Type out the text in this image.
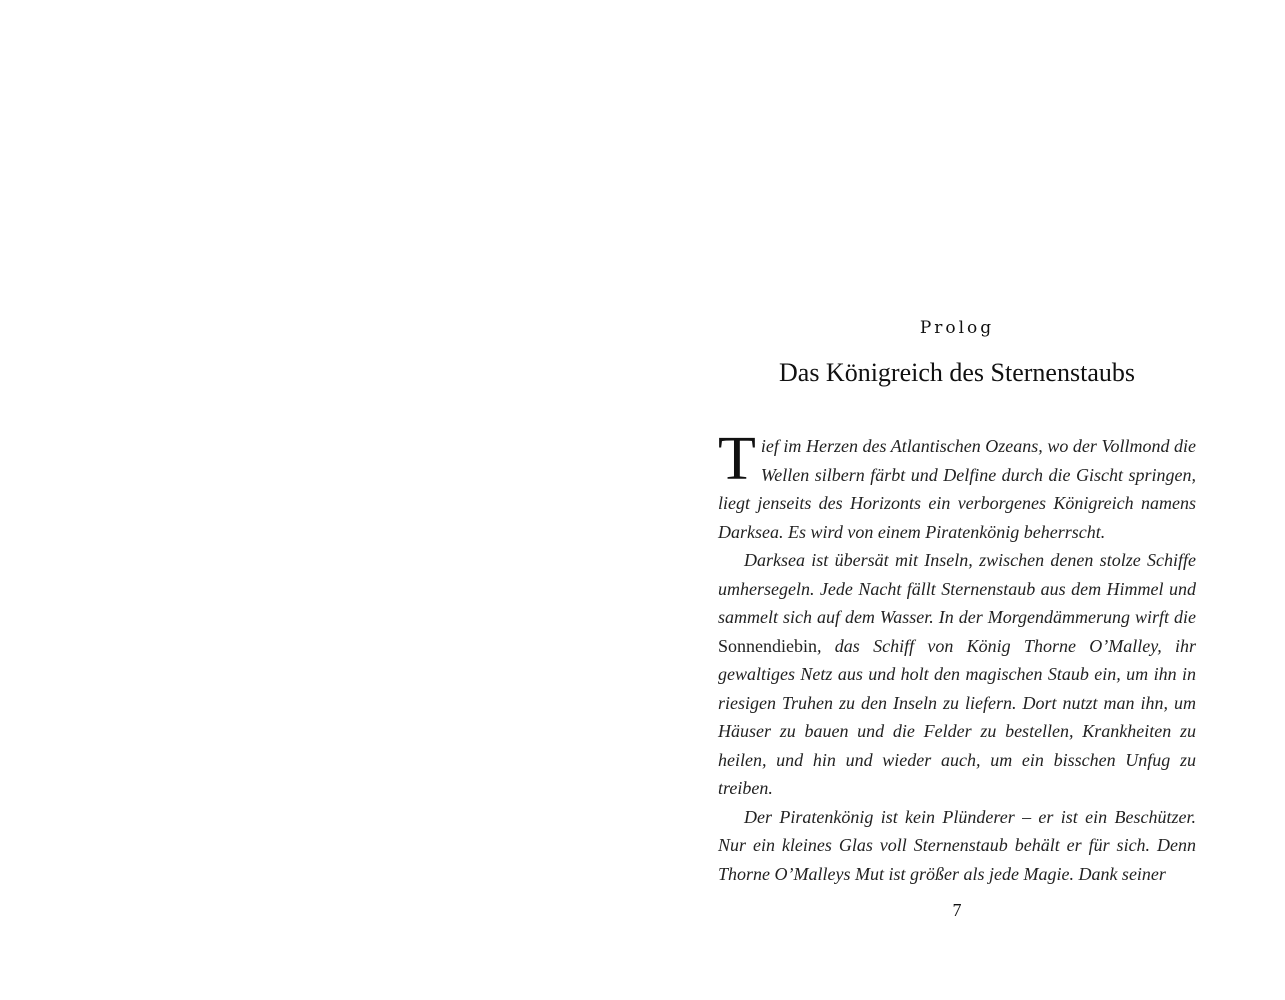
Prolog
Das Königreich des Sternenstaubs

Tief im Herzen des Atlantischen Ozeans, wo der Vollmond die Wellen silbern färbt und Delfine durch die Gischt springen, liegt jenseits des Horizonts ein verborgenes Königreich namens Darksea. Es wird von einem Piratenkönig beherrscht.

Darksea ist übersät mit Inseln, zwischen denen stolze Schiffe umhersegeln. Jede Nacht fällt Sternenstaub aus dem Himmel und sammelt sich auf dem Wasser. In der Morgendämmerung wirft die Sonnendiebin, das Schiff von König Thorne O’Malley, ihr gewaltiges Netz aus und holt den magischen Staub ein, um ihn in riesigen Truhen zu den Inseln zu liefern. Dort nutzt man ihn, um Häuser zu bauen und die Felder zu bestellen, Krankheiten zu heilen, und hin und wieder auch, um ein bisschen Unfug zu treiben.

Der Piratenkönig ist kein Plünderer – er ist ein Beschützer. Nur ein kleines Glas voll Sternenstaub behält er für sich. Denn Thorne O’Malleys Mut ist größer als jede Magie. Dank seiner

7
